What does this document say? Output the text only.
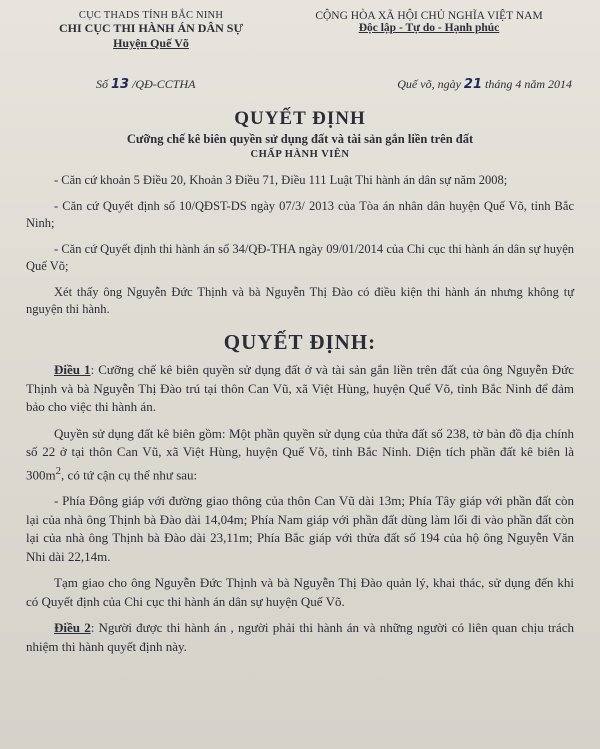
CỤC THADS TỈNH BẮC NINH
CHI CỤC THI HÀNH ÁN DÂN SỰ
Huyện Quế Võ
CỘNG HÒA XÃ HỘI CHỦ NGHĨA VIỆT NAM
Độc lập - Tự do - Hạnh phúc
Số 13 /QĐ-CCTHA	Quế võ, ngày 21 tháng 4 năm 2014
QUYẾT ĐỊNH
Cưỡng chế kê biên quyền sử dụng đất và tài sản gắn liền trên đất
CHẤP HÀNH VIÊN

- Căn cứ khoản 5 Điều 20, Khoản 3 Điều 71, Điều 111 Luật Thi hành án dân sự năm 2008;

- Căn cứ Quyết định số 10/QĐST-DS ngày 07/3/ 2013 của Tòa án nhân dân huyện Quế Võ, tỉnh Bắc Ninh;

- Căn cứ Quyết định thi hành án số 34/QĐ-THA ngày 09/01/2014 của Chi cục thi hành án dân sự huyện Quế Võ;

Xét thấy ông Nguyễn Đức Thịnh và bà Nguyễn Thị Đào có điều kiện thi hành án nhưng không tự nguyện thi hành.

QUYẾT ĐỊNH:

Điều 1: Cưỡng chế kê biên quyền sử dụng đất ở và tài sản gắn liền trên đất của ông Nguyễn Đức Thịnh và bà Nguyễn Thị Đào trú tại thôn Can Vũ, xã Việt Hùng, huyện Quế Võ, tỉnh Bắc Ninh để đảm bảo cho việc thi hành án.

Quyền sử dụng đất kê biên gồm: Một phần quyền sử dụng của thửa đất số 238, tờ bản đồ địa chính số 22 ở tại thôn Can Vũ, xã Việt Hùng, huyện Quế Võ, tỉnh Bắc Ninh. Diện tích phần đất kê biên là $300m^2$, có tứ cận cụ thể như sau:

- Phía Đông giáp với đường giao thông của thôn Can Vũ dài 13m; Phía Tây giáp với phần đất còn lại của nhà ông Thịnh bà Đào dài 14,04m; Phía Nam giáp với phần đất dùng làm lối đi vào phần đất còn lại của nhà ông Thịnh bà Đào dài 23,11m; Phía Bắc giáp với thửa đất số 194 của hộ ông Nguyễn Văn Nhi dài 22,14m.

Tạm giao cho ông Nguyễn Đức Thịnh và bà Nguyễn Thị Đào quản lý, khai thác, sử dụng đến khi có Quyết định của Chi cục thi hành án dân sự huyện Quế Võ.

Điều 2: Người được thi hành án , người phải thi hành án và những người có liên quan chịu trách nhiệm thi hành quyết định này.
